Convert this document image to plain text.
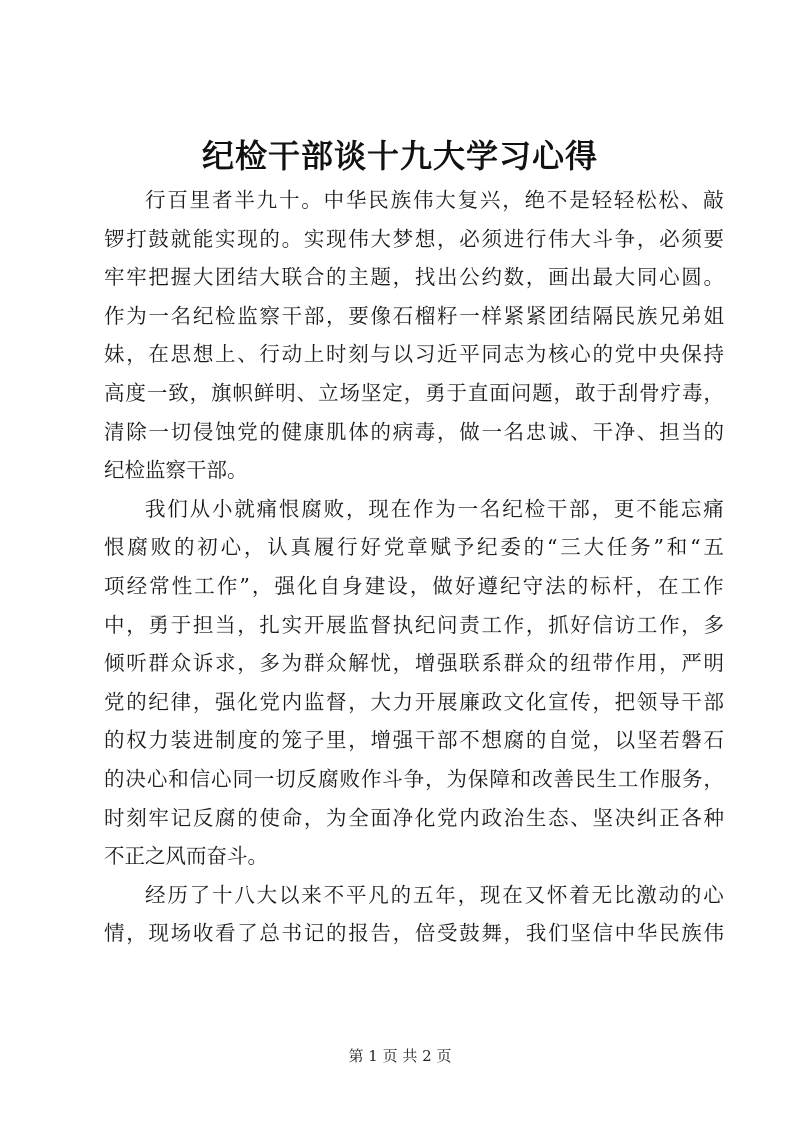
纪检干部谈十九大学习心得
行 百 里 者 半 九 十 。 中 华 民 族 伟 大 复 兴 ， 绝 不 是 轻 轻 松 松 、 敲
锣 打 鼓 就 能 实 现 的 。 实 现 伟 大 梦 想 ， 必 须 进 行 伟 大 斗 争 ， 必 须 要
牢 牢 把 握 大 团 结 大 联 合 的 主 题 ， 找 出 公 约 数 ， 画 出 最 大 同 心 圆 。
作 为 一 名 纪 检 监 察 干 部 ， 要 像 石 榴 籽 一 样 紧 紧 团 结 隔 民 族 兄 弟 姐
妹 ， 在 思 想 上 、 行 动 上 时 刻 与 以 习 近 平 同 志 为 核 心 的 党 中 央 保 持
高 度 一 致 ， 旗 帜 鲜 明 、 立 场 坚 定 ， 勇 于 直 面 问 题 ， 敢 于 刮 骨 疗 毒 ，
清 除 一 切 侵 蚀 党 的 健 康 肌 体 的 病 毒 ， 做 一 名 忠 诚 、 干 净 、 担 当 的
纪检监察干部。
我 们 从 小 就 痛 恨 腐 败 ， 现 在 作 为 一 名 纪 检 干 部 ， 更 不 能 忘 痛
恨 腐 败 的 初 心 ， 认 真 履 行 好 党 章 赋 予 纪 委 的 “ 三 大 任 务 ” 和 “ 五
项 经 常 性 工 作 ” ， 强 化 自 身 建 设 ， 做 好 遵 纪 守 法 的 标 杆 ， 在 工 作
中 ， 勇 于 担 当 ， 扎 实 开 展 监 督 执 纪 问 责 工 作 ， 抓 好 信 访 工 作 ， 多
倾 听 群 众 诉 求 ， 多 为 群 众 解 忧 ， 增 强 联 系 群 众 的 纽 带 作 用 ， 严 明
党 的 纪 律 ， 强 化 党 内 监 督 ， 大 力 开 展 廉 政 文 化 宣 传 ， 把 领 导 干 部
的 权 力 装 进 制 度 的 笼 子 里 ， 增 强 干 部 不 想 腐 的 自 觉 ， 以 坚 若 磐 石
的 决 心 和 信 心 同 一 切 反 腐 败 作 斗 争 ， 为 保 障 和 改 善 民 生 工 作 服 务 ，
时 刻 牢 记 反 腐 的 使 命 ， 为 全 面 净 化 党 内 政 治 生 态 、 坚 决 纠 正 各 种
不正之风而奋斗。
经 历 了 十 八 大 以 来 不 平 凡 的 五 年 ， 现 在 又 怀 着 无 比 激 动 的 心
情 ， 现 场 收 看 了 总 书 记 的 报 告 ， 倍 受 鼓 舞 ， 我 们 坚 信 中 华 民 族 伟
第 1 页 共 2 页
